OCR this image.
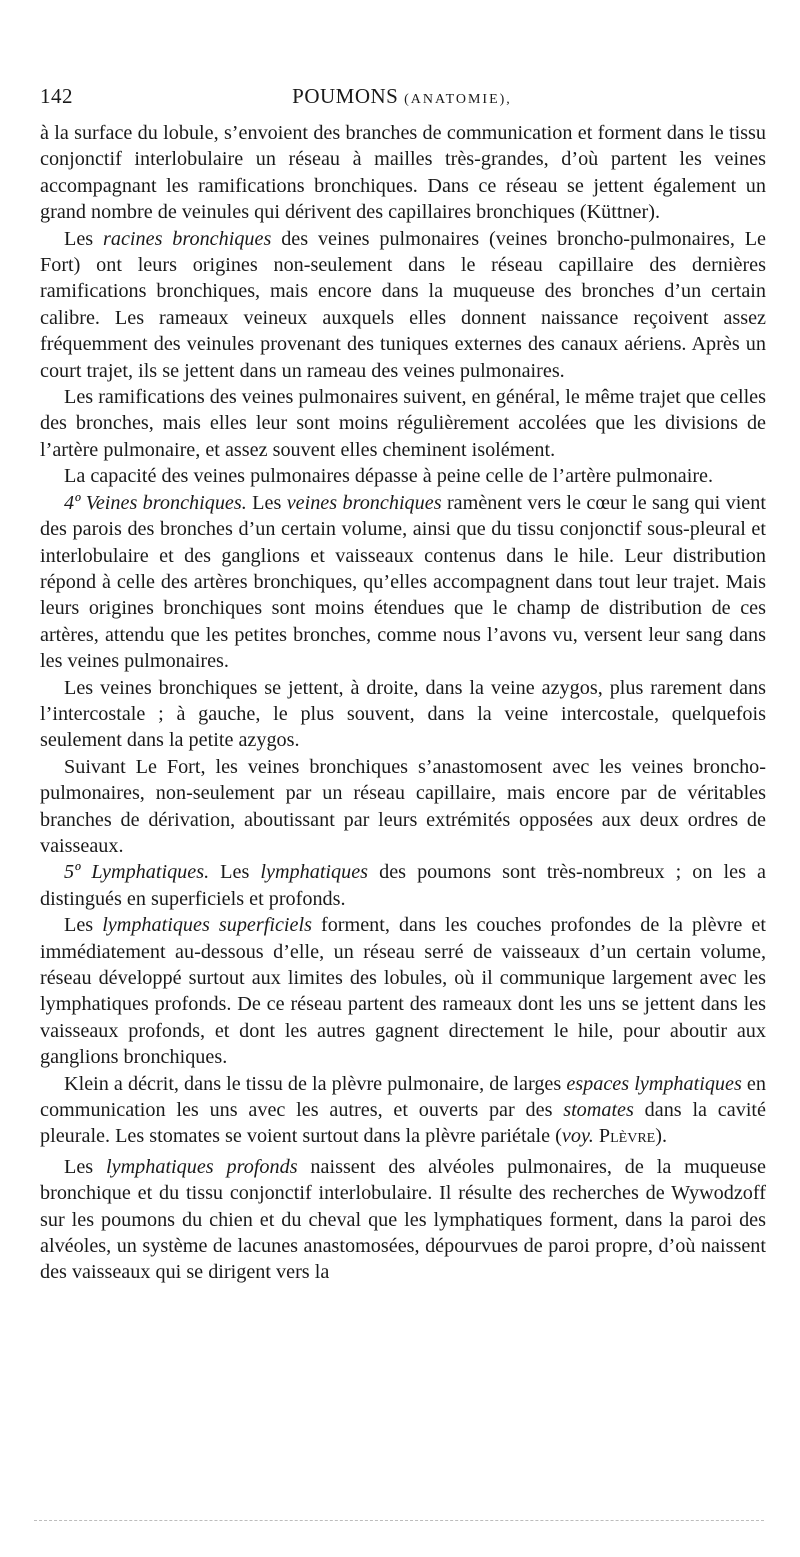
142	POUMONS (ANATOMIE),

à la surface du lobule, s’envoient des branches de communication et forment dans le tissu conjonctif interlobulaire un réseau à mailles très-grandes, d’où partent les veines accompagnant les ramifications bronchiques. Dans ce réseau se jettent également un grand nombre de veinules qui dérivent des capillaires bronchiques (Küttner).

Les racines bronchiques des veines pulmonaires (veines broncho-pulmonaires, Le Fort) ont leurs origines non-seulement dans le réseau capillaire des dernières ramifications bronchiques, mais encore dans la muqueuse des bronches d’un certain calibre. Les rameaux veineux auxquels elles donnent naissance reçoivent assez fréquemment des veinules provenant des tuniques externes des canaux aériens. Après un court trajet, ils se jettent dans un rameau des veines pulmonaires.

Les ramifications des veines pulmonaires suivent, en général, le même trajet que celles des bronches, mais elles leur sont moins régulièrement accolées que les divisions de l’artère pulmonaire, et assez souvent elles cheminent isolément.

La capacité des veines pulmonaires dépasse à peine celle de l’artère pulmonaire.

4º Veines bronchiques. Les veines bronchiques ramènent vers le cœur le sang qui vient des parois des bronches d’un certain volume, ainsi que du tissu conjonctif sous-pleural et interlobulaire et des ganglions et vaisseaux contenus dans le hile. Leur distribution répond à celle des artères bronchiques, qu’elles accompagnent dans tout leur trajet. Mais leurs origines bronchiques sont moins étendues que le champ de distribution de ces artères, attendu que les petites bronches, comme nous l’avons vu, versent leur sang dans les veines pulmonaires.

Les veines bronchiques se jettent, à droite, dans la veine azygos, plus rarement dans l’intercostale ; à gauche, le plus souvent, dans la veine intercostale, quelquefois seulement dans la petite azygos.

Suivant Le Fort, les veines bronchiques s’anastomosent avec les veines broncho-pulmonaires, non-seulement par un réseau capillaire, mais encore par de véritables branches de dérivation, aboutissant par leurs extrémités opposées aux deux ordres de vaisseaux.

5º Lymphatiques. Les lymphatiques des poumons sont très-nombreux ; on les a distingués en superficiels et profonds.

Les lymphatiques superficiels forment, dans les couches profondes de la plèvre et immédiatement au-dessous d’elle, un réseau serré de vaisseaux d’un certain volume, réseau développé surtout aux limites des lobules, où il communique largement avec les lymphatiques profonds. De ce réseau partent des rameaux dont les uns se jettent dans les vaisseaux profonds, et dont les autres gagnent directement le hile, pour aboutir aux ganglions bronchiques.

Klein a décrit, dans le tissu de la plèvre pulmonaire, de larges espaces lymphatiques en communication les uns avec les autres, et ouverts par des stomates dans la cavité pleurale. Les stomates se voient surtout dans la plèvre pariétale (voy. Plèvre).

Les lymphatiques profonds naissent des alvéoles pulmonaires, de la muqueuse bronchique et du tissu conjonctif interlobulaire. Il résulte des recherches de Wywodzoff sur les poumons du chien et du cheval que les lymphatiques forment, dans la paroi des alvéoles, un système de lacunes anastomosées, dépourvues de paroi propre, d’où naissent des vaisseaux qui se dirigent vers la
